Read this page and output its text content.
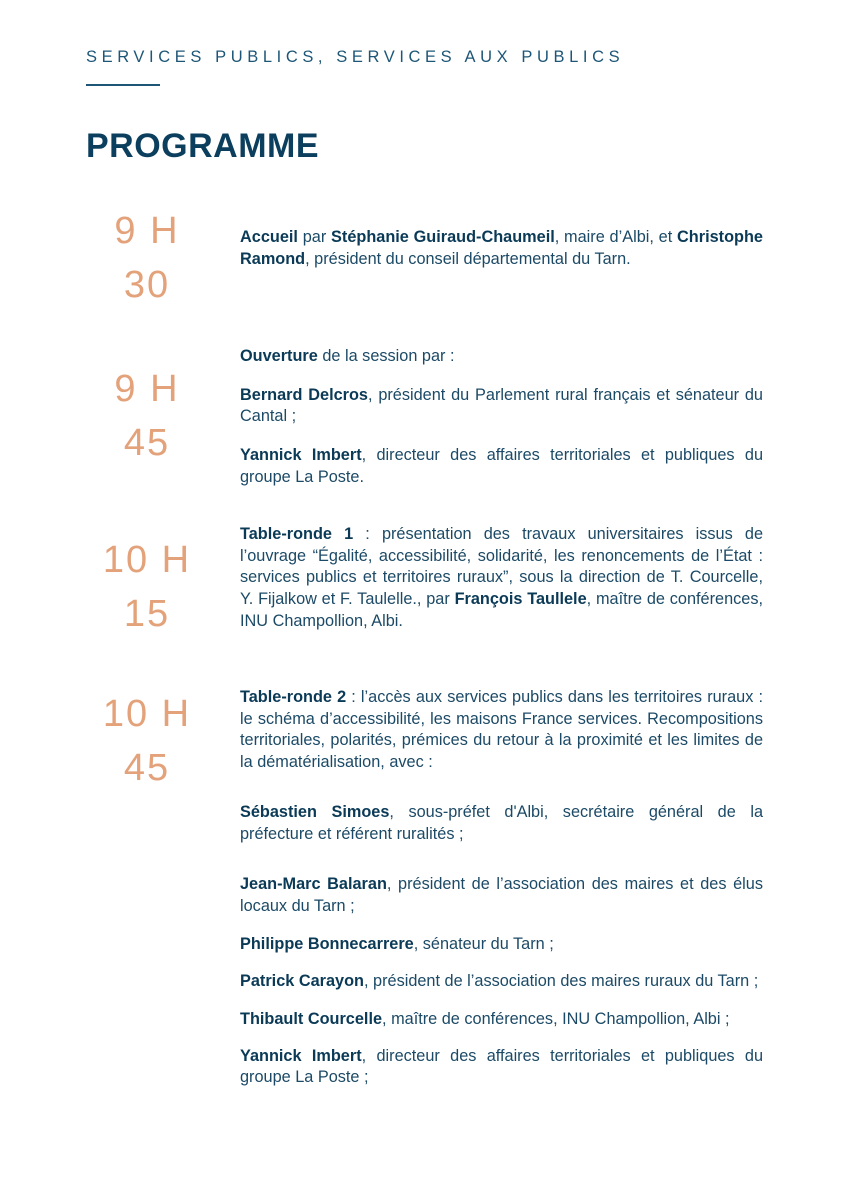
SERVICES PUBLICS, SERVICES AUX PUBLICS
PROGRAMME
9 H
30

Accueil par Stéphanie Guiraud-Chaumeil, maire d’Albi, et Christophe Ramond, président du conseil départemental du Tarn.

9 H
45

Ouverture de la session par :

Bernard Delcros, président du Parlement rural français et sénateur du Cantal ;

Yannick Imbert, directeur des affaires territoriales et publiques du groupe La Poste.

10 H
15

Table-ronde 1 : présentation des travaux universitaires issus de l’ouvrage “Égalité, accessibilité, solidarité, les renoncements de l’État : services publics et territoires ruraux”, sous la direction de T. Courcelle, Y. Fijalkow et F. Taulelle., par François Taullele, maître de conférences, INU Champollion, Albi.

10 H
45

Table-ronde 2 : l’accès aux services publics dans les territoires ruraux : le schéma d’accessibilité, les maisons France services. Recompositions territoriales, polarités, prémices du retour à la proximité et les limites de la dématérialisation, avec :

Sébastien Simoes, sous-préfet d'Albi, secrétaire général de la préfecture et référent ruralités ;

Jean-Marc Balaran, président de l’association des maires et des élus locaux du Tarn ;

Philippe Bonnecarrere, sénateur du Tarn ;

Patrick Carayon, président de l’association des maires ruraux du Tarn ;

Thibault Courcelle, maître de conférences, INU Champollion, Albi ;

Yannick Imbert, directeur des affaires territoriales et publiques du groupe La Poste ;
